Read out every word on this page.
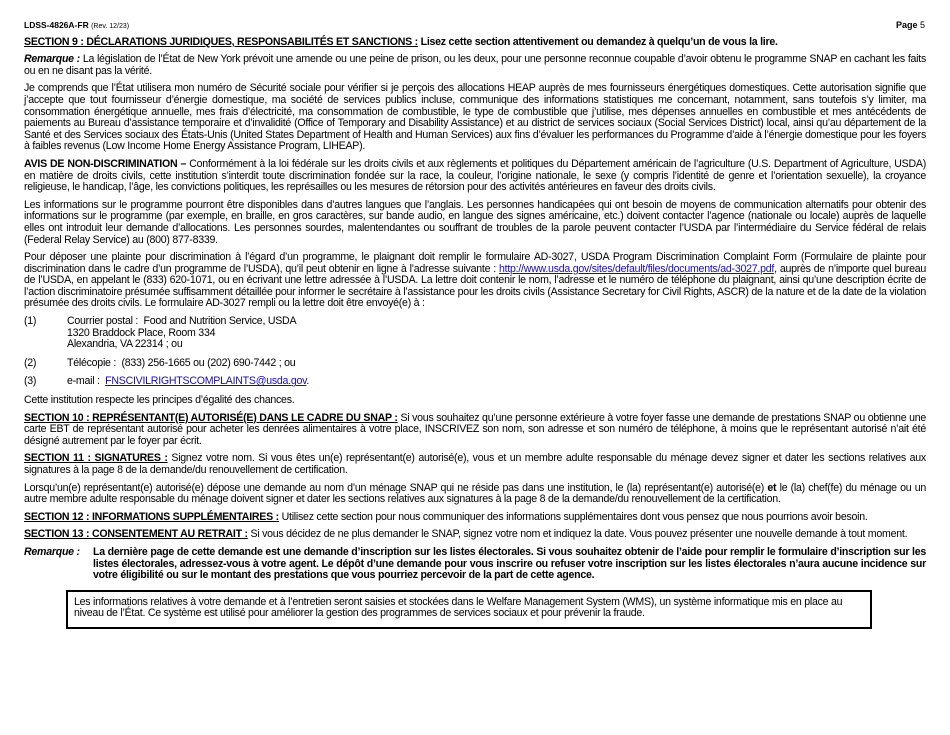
LDSS-4826A-FR (Rev. 12/23)	Page 5

SECTION 9 : DÉCLARATIONS JURIDIQUES, RESPONSABILITÉS ET SANCTIONS : Lisez cette section attentivement ou demandez à quelqu’un de vous la lire.

Remarque : La législation de l’État de New York prévoit une amende ou une peine de prison, ou les deux, pour une personne reconnue coupable d’avoir obtenu le programme SNAP en cachant les faits ou en ne disant pas la vérité.

Je comprends que l’État utilisera mon numéro de Sécurité sociale pour vérifier si je perçois des allocations HEAP auprès de mes fournisseurs énergétiques domestiques. Cette autorisation signifie que j’accepte que tout fournisseur d’énergie domestique, ma société de services publics incluse, communique des informations statistiques me concernant, notamment, sans toutefois s’y limiter, ma consommation énergétique annuelle, mes frais d’électricité, ma consommation de combustible, le type de combustible que j’utilise, mes dépenses annuelles en combustible et mes antécédents de paiements au Bureau d’assistance temporaire et d’invalidité (Office of Temporary and Disability Assistance) et au district de services sociaux (Social Services District) local, ainsi qu’au département de la Santé et des Services sociaux des États-Unis (United States Department of Health and Human Services) aux fins d’évaluer les performances du Programme d’aide à l’énergie domestique pour les foyers à faibles revenus (Low Income Home Energy Assistance Program, LIHEAP).

AVIS DE NON-DISCRIMINATION – Conformément à la loi fédérale sur les droits civils et aux règlements et politiques du Département américain de l’agriculture (U.S. Department of Agriculture, USDA) en matière de droits civils, cette institution s’interdit toute discrimination fondée sur la race, la couleur, l’origine nationale, le sexe (y compris l’identité de genre et l’orientation sexuelle), la croyance religieuse, le handicap, l’âge, les convictions politiques, les représailles ou les mesures de rétorsion pour des activités antérieures en faveur des droits civils.

Les informations sur le programme pourront être disponibles dans d’autres langues que l’anglais. Les personnes handicapées qui ont besoin de moyens de communication alternatifs pour obtenir des informations sur le programme (par exemple, en braille, en gros caractères, sur bande audio, en langue des signes américaine, etc.) doivent contacter l’agence (nationale ou locale) auprès de laquelle elles ont introduit leur demande d’allocations. Les personnes sourdes, malentendantes ou souffrant de troubles de la parole peuvent contacter l’USDA par l’intermédiaire du Service fédéral de relais (Federal Relay Service) au (800) 877-8339.

Pour déposer une plainte pour discrimination à l’égard d’un programme, le plaignant doit remplir le formulaire AD-3027, USDA Program Discrimination Complaint Form (Formulaire de plainte pour discrimination dans le cadre d’un programme de l’USDA), qu’il peut obtenir en ligne à l’adresse suivante : http://www.usda.gov/sites/default/files/documents/ad-3027.pdf, auprès de n’importe quel bureau de l’USDA, en appelant le (833) 620-1071, ou en écrivant une lettre adressée à l’USDA. La lettre doit contenir le nom, l’adresse et le numéro de téléphone du plaignant, ainsi qu’une description écrite de l’action discriminatoire présumée suffisamment détaillée pour informer le secrétaire à l’assistance pour les droits civils (Assistance Secretary for Civil Rights, ASCR) de la nature et de la date de la violation présumée des droits civils. Le formulaire AD-3027 rempli ou la lettre doit être envoyé(e) à :

(1)	Courrier postal : Food and Nutrition Service, USDA
1320 Braddock Place, Room 334
Alexandria, VA 22314 ; ou
(2)	Télécopie : (833) 256-1665 ou (202) 690-7442 ; ou
(3)	e-mail : FNSCIVILRIGHTSCOMPLAINTS@usda.gov.

Cette institution respecte les principes d’égalité des chances.

SECTION 10 : REPRÉSENTANT(E) AUTORISÉ(E) DANS LE CADRE DU SNAP : Si vous souhaitez qu’une personne extérieure à votre foyer fasse une demande de prestations SNAP ou obtienne une carte EBT de représentant autorisé pour acheter les denrées alimentaires à votre place, INSCRIVEZ son nom, son adresse et son numéro de téléphone, à moins que le représentant autorisé n’ait été désigné autrement par le foyer par écrit.

SECTION 11 : SIGNATURES : Signez votre nom. Si vous êtes un(e) représentant(e) autorisé(e), vous et un membre adulte responsable du ménage devez signer et dater les sections relatives aux signatures à la page 8 de la demande/du renouvellement de certification.

Lorsqu’un(e) représentant(e) autorisé(e) dépose une demande au nom d’un ménage SNAP qui ne réside pas dans une institution, le (la) représentant(e) autorisé(e) et le (la) chef(fe) du ménage ou un autre membre adulte responsable du ménage doivent signer et dater les sections relatives aux signatures à la page 8 de la demande/du renouvellement de la certification.

SECTION 12 : INFORMATIONS SUPPLÉMENTAIRES : Utilisez cette section pour nous communiquer des informations supplémentaires dont vous pensez que nous pourrions avoir besoin.

SECTION 13 : CONSENTEMENT AU RETRAIT : Si vous décidez de ne plus demander le SNAP, signez votre nom et indiquez la date. Vous pouvez présenter une nouvelle demande à tout moment.

Remarque :	La dernière page de cette demande est une demande d’inscription sur les listes électorales. Si vous souhaitez obtenir de l’aide pour remplir le formulaire d’inscription sur les listes électorales, adressez-vous à votre agent. Le dépôt d’une demande pour vous inscrire ou refuser votre inscription sur les listes électorales n’aura aucune incidence sur votre éligibilité ou sur le montant des prestations que vous pourriez percevoir de la part de cette agence.

Les informations relatives à votre demande et à l’entretien seront saisies et stockées dans le Welfare Management System (WMS), un système informatique mis en place au niveau de l’État. Ce système est utilisé pour améliorer la gestion des programmes de services sociaux et pour prévenir la fraude.
